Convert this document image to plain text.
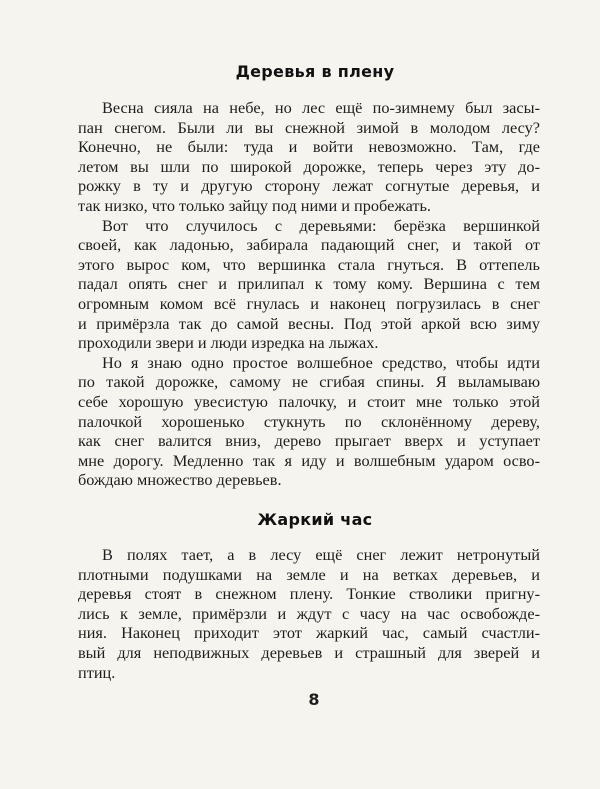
Деревья в плену
Весна сияла на небе, но лес ещё по-зимнему был засы-
пан снегом. Были ли вы снежной зимой в молодом лесу?
Конечно, не были: туда и войти невозможно. Там, где
летом вы шли по широкой дорожке, теперь через эту до-
рожку в ту и другую сторону лежат согнутые деревья, и
так низко, что только зайцу под ними и пробежать.
Вот что случилось с деревьями: берёзка вершинкой
своей, как ладонью, забирала падающий снег, и такой от
этого вырос ком, что вершинка стала гнуться. В оттепель
падал опять снег и прилипал к тому кому. Вершина с тем
огромным комом всё гнулась и наконец погрузилась в снег
и примёрзла так до самой весны. Под этой аркой всю зиму
проходили звери и люди изредка на лыжах.
Но я знаю одно простое волшебное средство, чтобы идти
по такой дорожке, самому не сгибая спины. Я выламываю
себе хорошую увесистую палочку, и стоит мне только этой
палочкой хорошенько стукнуть по склонённому дереву,
как снег валится вниз, дерево прыгает вверх и уступает
мне дорогу. Медленно так я иду и волшебным ударом осво-
бождаю множество деревьев.
Жаркий час
В полях тает, а в лесу ещё снег лежит нетронутый
плотными подушками на земле и на ветках деревьев, и
деревья стоят в снежном плену. Тонкие стволики пригну-
лись к земле, примёрзли и ждут с часу на час освобожде-
ния. Наконец приходит этот жаркий час, самый счастли-
вый для неподвижных деревьев и страшный для зверей и
птиц.
8
